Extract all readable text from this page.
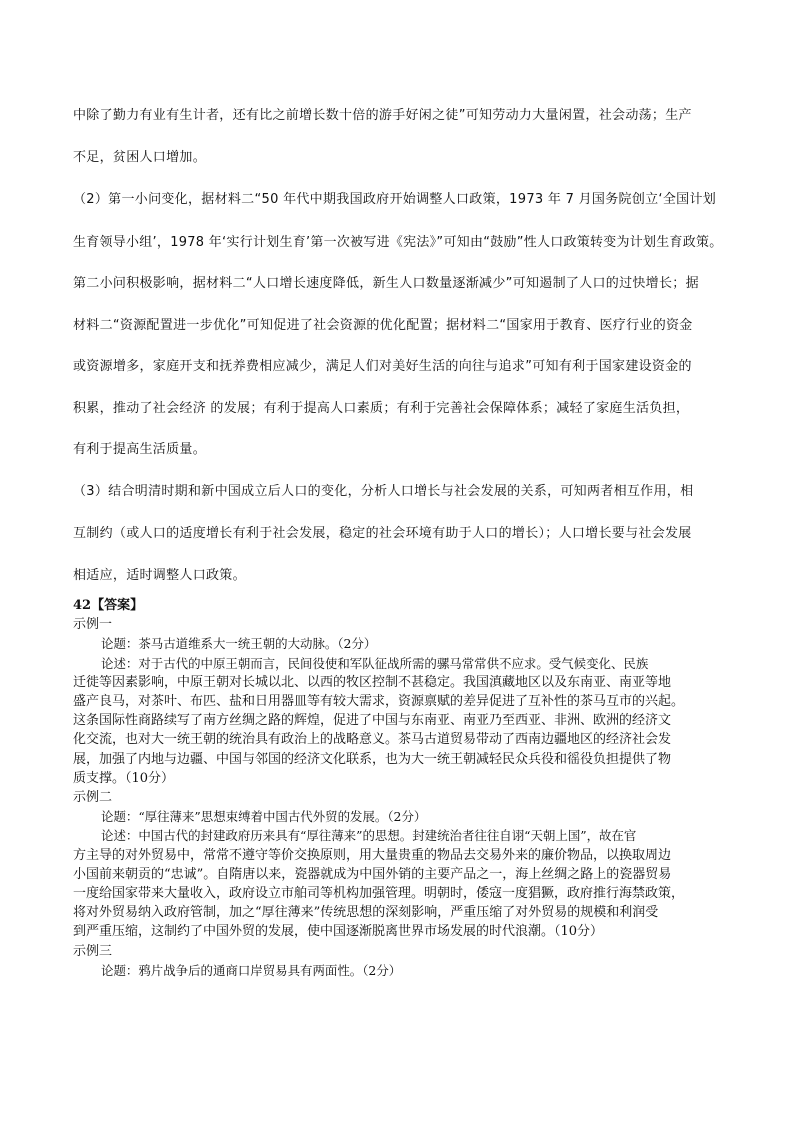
中除了勤力有业有生计者，还有比之前增长数十倍的游手好闲之徒”可知劳动力大量闲置，社会动荡；生产
不足，贫困人口增加。
（2）第一小问变化，据材料二“50 年代中期我国政府开始调整人口政策，1973 年 7 月国务院创立‘全国计划
生育领导小组’，1978 年‘实行计划生育’第一次被写进《宪法》”可知由“鼓励”性人口政策转变为计划生育政策。
第二小问积极影响，据材料二“人口增长速度降低，新生人口数量逐渐减少”可知遏制了人口的过快增长；据
材料二“资源配置进一步优化”可知促进了社会资源的优化配置；据材料二“国家用于教育、医疗行业的资金
或资源增多，家庭开支和抚养费相应减少，满足人们对美好生活的向往与追求”可知有利于国家建设资金的
积累，推动了社会经济 的发展；有利于提高人口素质；有利于完善社会保障体系；减轻了家庭生活负担，
有利于提高生活质量。
（3）结合明清时期和新中国成立后人口的变化，分析人口增长与社会发展的关系，可知两者相互作用，相
互制约（或人口的适度增长有利于社会发展，稳定的社会环境有助于人口的增长）；人口增长要与社会发展
相适应，适时调整人口政策。

42【答案】

示例一

论题：茶马古道维系大一统王朝的大动脉。（2分）

论述：对于古代的中原王朝而言，民间役使和军队征战所需的骡马常常供不应求。受气候变化、民族

迁徙等因素影响，中原王朝对长城以北、以西的牧区控制不甚稳定。我国滇藏地区以及东南亚、南亚等地

盛产良马，对茶叶、布匹、盐和日用器皿等有较大需求，资源禀赋的差异促进了互补性的茶马互市的兴起。

这条国际性商路续写了南方丝绸之路的辉煌，促进了中国与东南亚、南亚乃至西亚、非洲、欧洲的经济文

化交流，也对大一统王朝的统治具有政治上的战略意义。茶马古道贸易带动了西南边疆地区的经济社会发

展，加强了内地与边疆、中国与邻国的经济文化联系，也为大一统王朝减轻民众兵役和徭役负担提供了物

质支撑。（10分）

示例二

论题：“厚往薄来”思想束缚着中国古代外贸的发展。（2分）

论述：中国古代的封建政府历来具有“厚往薄来”的思想。封建统治者往往自诩“天朝上国”，故在官

方主导的对外贸易中，常常不遵守等价交换原则，用大量贵重的物品去交易外来的廉价物品，以换取周边

小国前来朝贡的“忠诚”。自隋唐以来，瓷器就成为中国外销的主要产品之一，海上丝绸之路上的瓷器贸易

一度给国家带来大量收入，政府设立市舶司等机构加强管理。明朝时，倭寇一度猖獗，政府推行海禁政策，

将对外贸易纳入政府管制，加之“厚往薄来”传统思想的深刻影响，严重压缩了对外贸易的规模和利润受

到严重压缩，这制约了中国外贸的发展，使中国逐渐脱离世界市场发展的时代浪潮。（10分）

示例三

论题：鸦片战争后的通商口岸贸易具有两面性。（2分）
